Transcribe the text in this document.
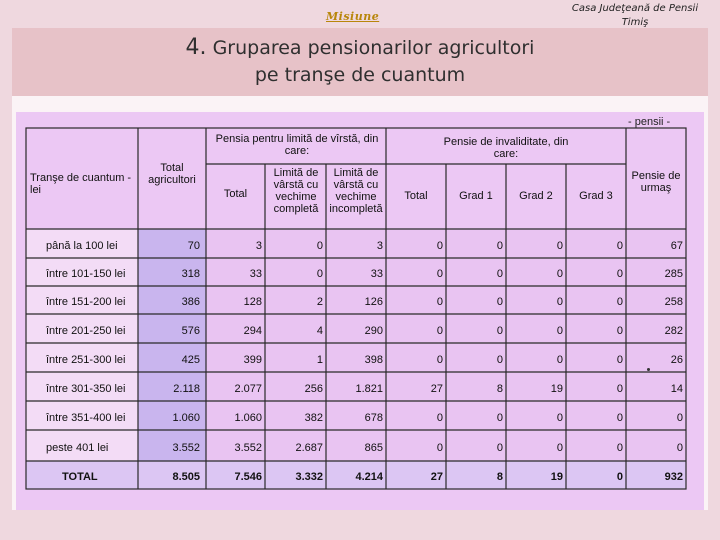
Misiune
Casa Judeţeană de Pensii
Timiş
4. Gruparea pensionarilor agricultori
pe tranşe de cuantum
- pensii -
Tranşe de cuantum - lei
Total agricultori
Pensia pentru limită de vîrstă, din care:
Total
Limită de vârstă cu vechime completă
Limită de vârstă cu vechime incompletă
Pensie de invaliditate, din care:
Total	Grad 1	Grad 2	Grad 3
Pensie de urmaş
până la 100 lei	70	3	0	3	0	0	0	0	67
între 101-150 lei	318	33	0	33	0	0	0	0	285
între 151-200 lei	386	128	2	126	0	0	0	0	258
între 201-250 lei	576	294	4	290	0	0	0	0	282
între 251-300 lei	425	399	1	398	0	0	0	0	26
între 301-350 lei	2.118	2.077	256	1.821	27	8	19	0	14
între 351-400 lei	1.060	1.060	382	678	0	0	0	0	0
peste 401 lei	3.552	3.552	2.687	865	0	0	0	0	0
TOTAL	8.505	7.546	3.332	4.214	27	8	19	0	932
